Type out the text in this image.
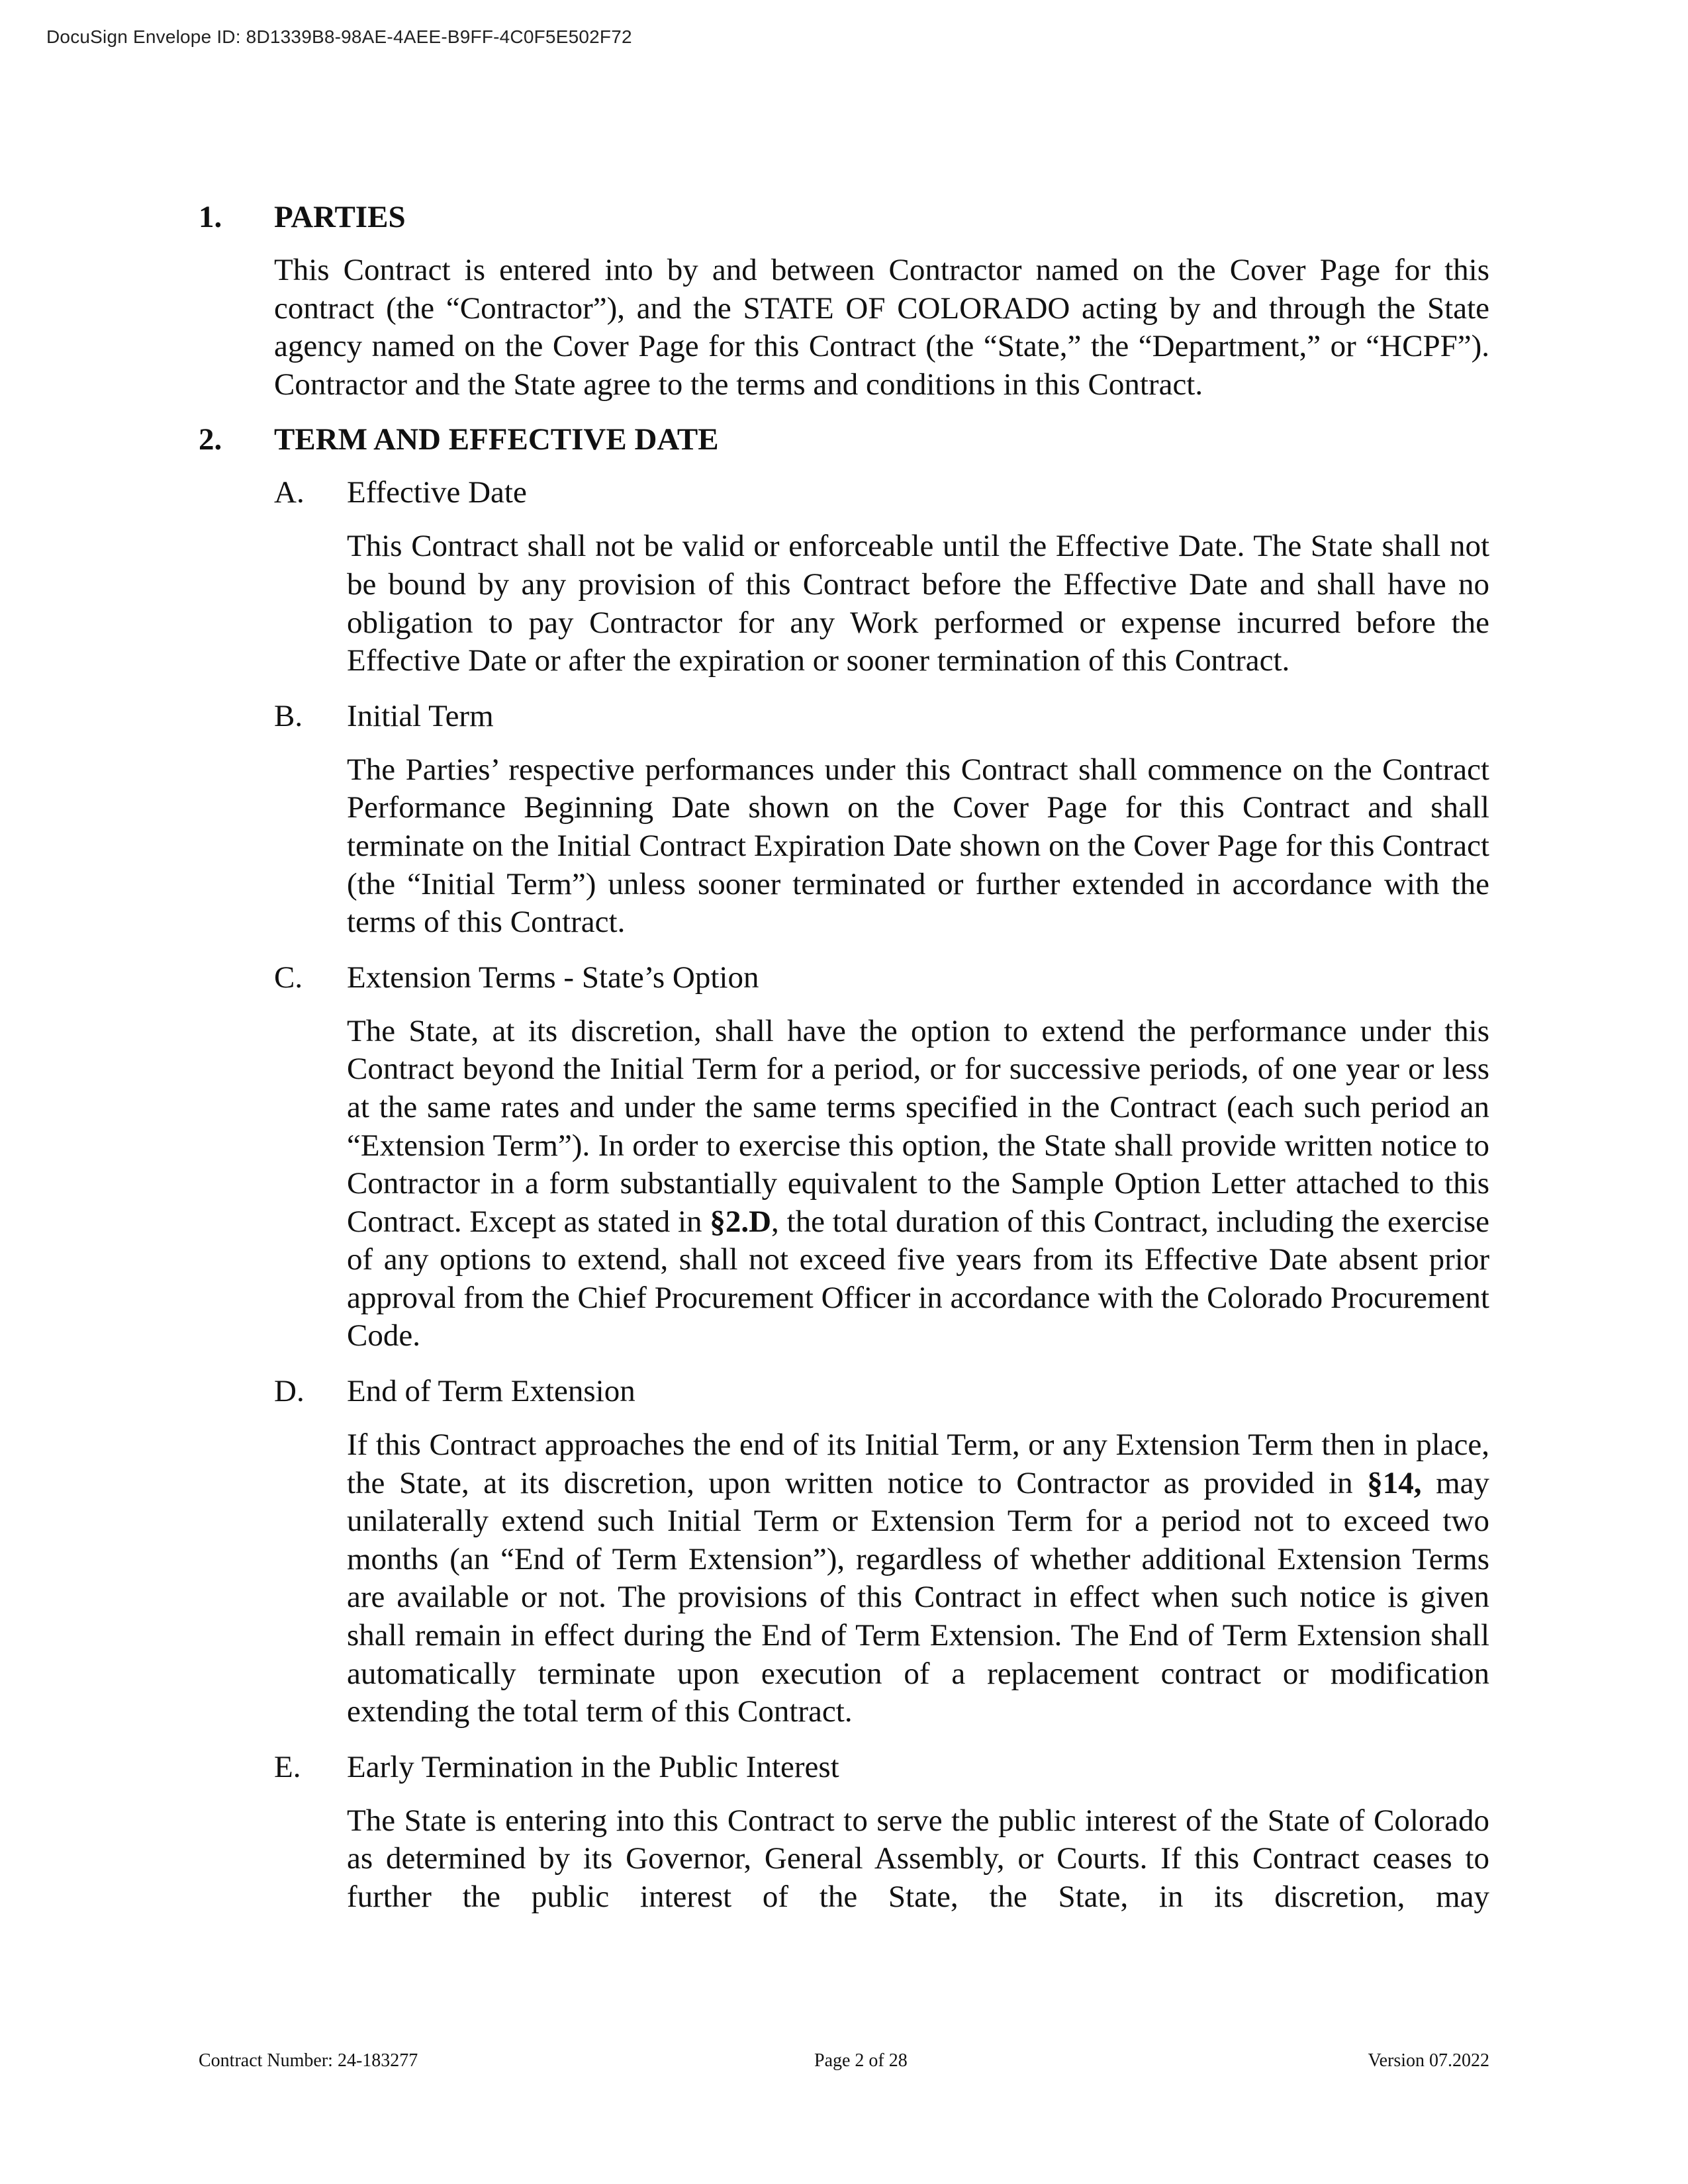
DocuSign Envelope ID: 8D1339B8-98AE-4AEE-B9FF-4C0F5E502F72
1. PARTIES

This Contract is entered into by and between Contractor named on the Cover Page for this contract (the “Contractor”), and the STATE OF COLORADO acting by and through the State agency named on the Cover Page for this Contract (the “State,” the “Department,” or “HCPF”). Contractor and the State agree to the terms and conditions in this Contract.

2. TERM AND EFFECTIVE DATE
A. Effective Date

This Contract shall not be valid or enforceable until the Effective Date. The State shall not be bound by any provision of this Contract before the Effective Date and shall have no obligation to pay Contractor for any Work performed or expense incurred before the Effective Date or after the expiration or sooner termination of this Contract.

B. Initial Term

The Parties’ respective performances under this Contract shall commence on the Contract Performance Beginning Date shown on the Cover Page for this Contract and shall terminate on the Initial Contract Expiration Date shown on the Cover Page for this Contract (the “Initial Term”) unless sooner terminated or further extended in accordance with the terms of this Contract.

C. Extension Terms - State’s Option

The State, at its discretion, shall have the option to extend the performance under this Contract beyond the Initial Term for a period, or for successive periods, of one year or less at the same rates and under the same terms specified in the Contract (each such period an “Extension Term”). In order to exercise this option, the State shall provide written notice to Contractor in a form substantially equivalent to the Sample Option Letter attached to this Contract. Except as stated in §2.D, the total duration of this Contract, including the exercise of any options to extend, shall not exceed five years from its Effective Date absent prior approval from the Chief Procurement Officer in accordance with the Colorado Procurement Code.

D. End of Term Extension

If this Contract approaches the end of its Initial Term, or any Extension Term then in place, the State, at its discretion, upon written notice to Contractor as provided in §14, may unilaterally extend such Initial Term or Extension Term for a period not to exceed two months (an “End of Term Extension”), regardless of whether additional Extension Terms are available or not. The provisions of this Contract in effect when such notice is given shall remain in effect during the End of Term Extension. The End of Term Extension shall automatically terminate upon execution of a replacement contract or modification extending the total term of this Contract.

E. Early Termination in the Public Interest

The State is entering into this Contract to serve the public interest of the State of Colorado as determined by its Governor, General Assembly, or Courts. If this Contract ceases to further the public interest of the State, the State, in its discretion, may

Contract Number: 24-183277	Page 2 of 28	Version 07.2022
